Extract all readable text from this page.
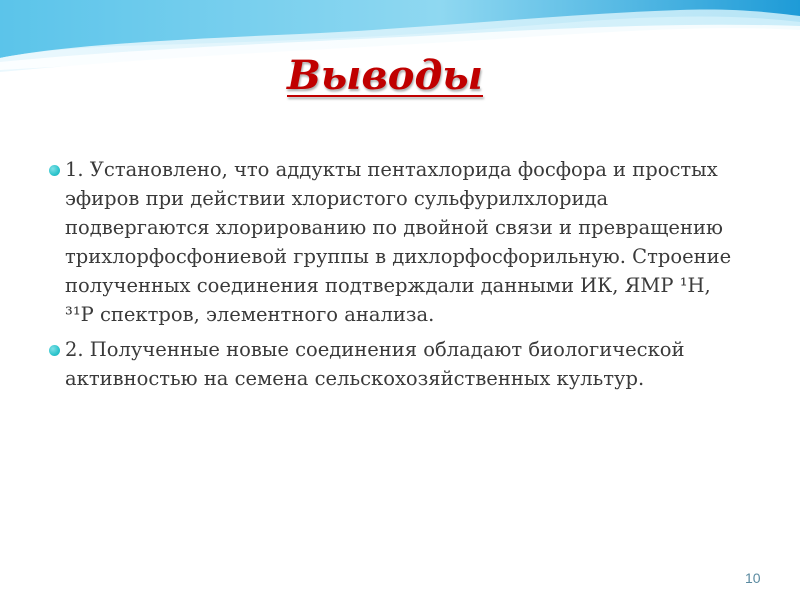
Выводы
1. Установлено, что аддукты пентахлорида фосфора и простых эфиров при действии хлористого сульфурилхлорида подвергаются хлорированию по двойной связи и превращению трихлорфосфониевой группы в дихлорфосфорильную. Строение полученных соединения подтверждали данными ИК, ЯМР ¹Н, ³¹P спектров, элементного анализа.
2. Полученные новые соединения обладают биологической активностью на семена сельскохозяйственных культур.
10
